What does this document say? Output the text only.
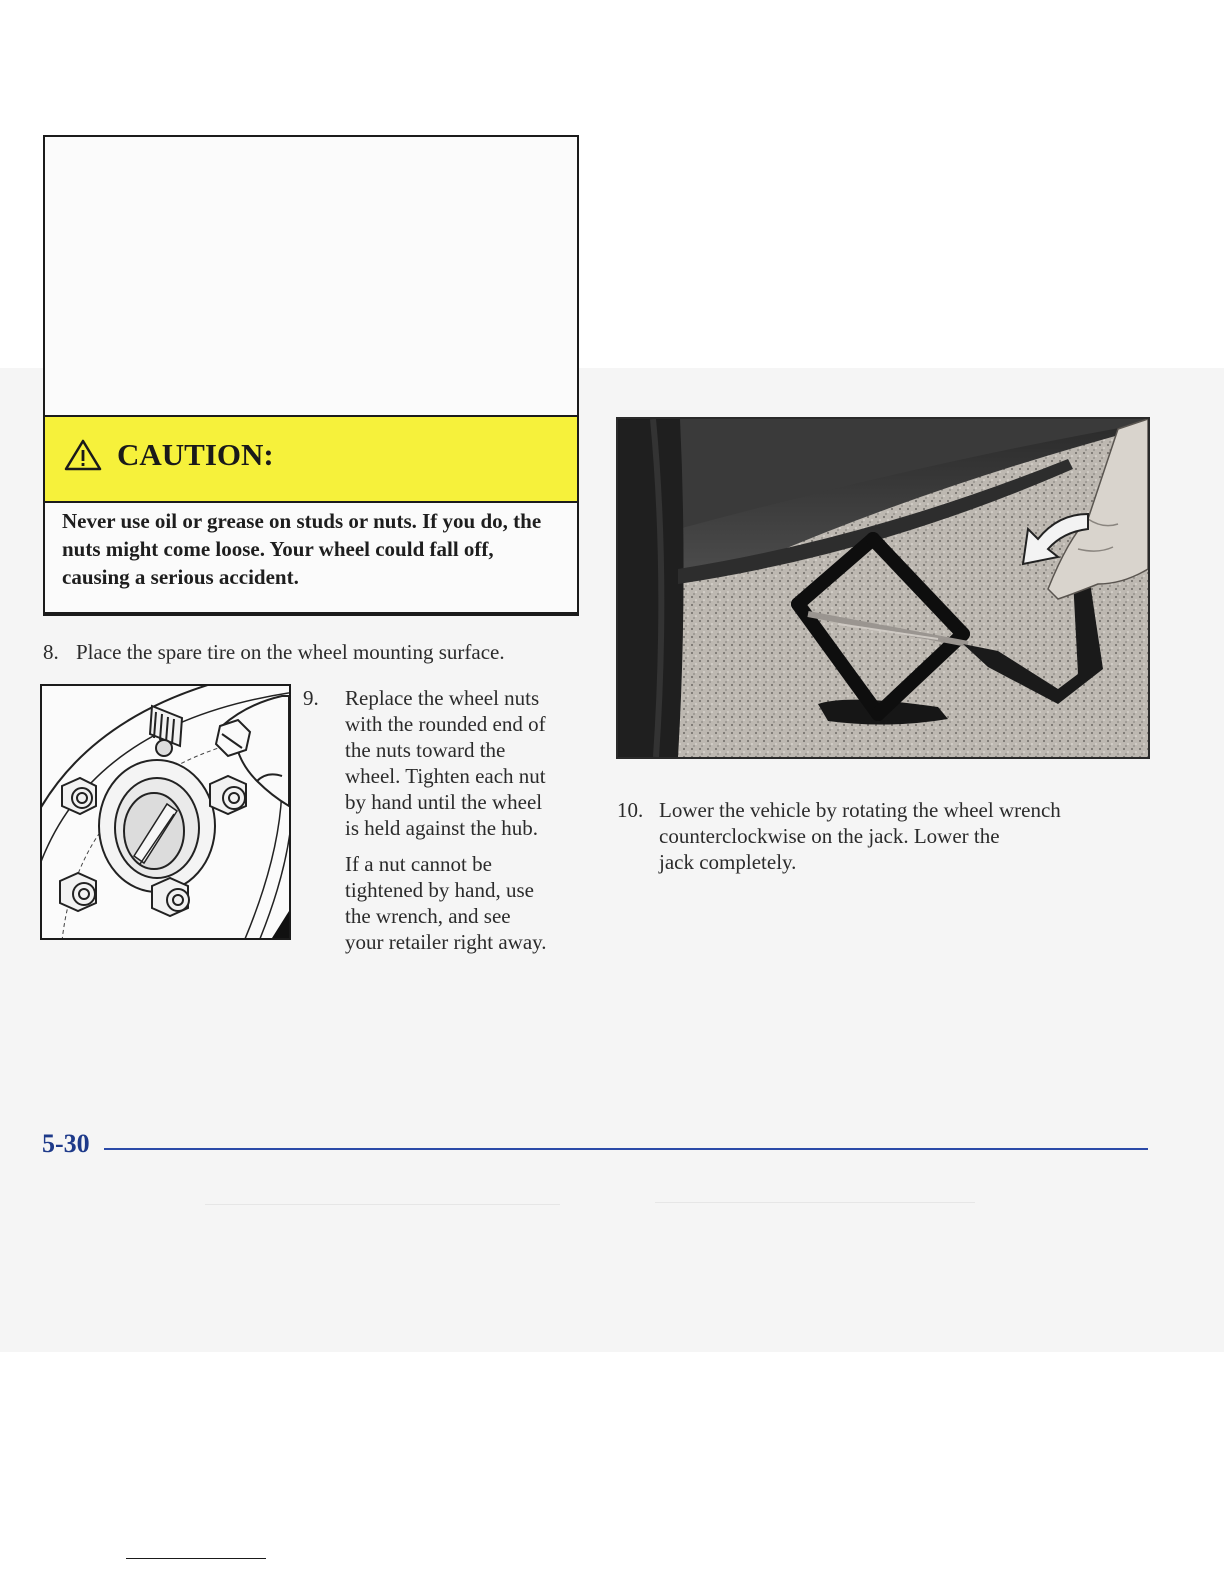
Never use oil or grease on studs or nuts. If you do, the nuts might come loose. Your wheel could fall off, causing a serious accident.
CAUTION:
8. Place the spare tire on the wheel mounting surface.
9. Replace the wheel nuts
with the rounded end of
the nuts toward the
wheel. Tighten each nut
by hand until the wheel
is held against the hub.
If a nut cannot be
tightened by hand, use
the wrench, and see
your retailer right away.
10. Lower the vehicle by rotating the wheel wrench
counterclockwise on the jack. Lower the
jack completely.
5-30
